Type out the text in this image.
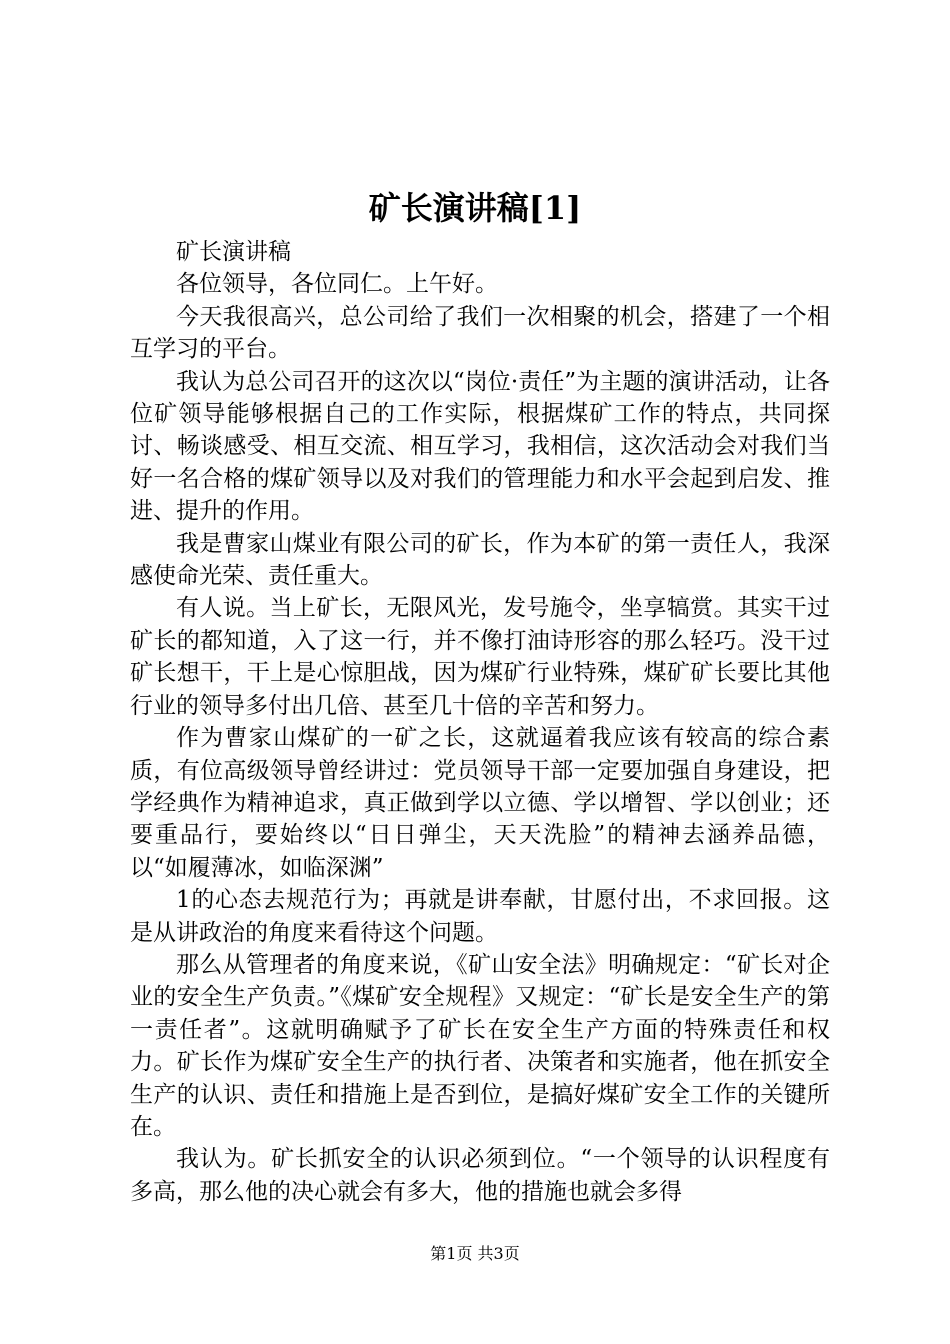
矿长演讲稿[1]

矿长演讲稿

各位领导，各位同仁。上午好。

今天我很高兴，总公司给了我们一次相聚的机会，搭建了一个相互学习的平台。

我认为总公司召开的这次以“岗位·责任”为主题的演讲活动，让各位矿领导能够根据自己的工作实际，根据煤矿工作的特点，共同探讨、畅谈感受、相互交流、相互学习，我相信，这次活动会对我们当好一名合格的煤矿领导以及对我们的管理能力和水平会起到启发、推进、提升的作用。

我是曹家山煤业有限公司的矿长，作为本矿的第一责任人，我深感使命光荣、责任重大。

有人说。当上矿长，无限风光，发号施令，坐享犒赏。其实干过矿长的都知道，入了这一行，并不像打油诗形容的那么轻巧。没干过矿长想干，干上是心惊胆战，因为煤矿行业特殊，煤矿矿长要比其他行业的领导多付出几倍、甚至几十倍的辛苦和努力。

作为曹家山煤矿的一矿之长，这就逼着我应该有较高的综合素质，有位高级领导曾经讲过：党员领导干部一定要加强自身建设，把学经典作为精神追求，真正做到学以立德、学以增智、学以创业；还要重品行，要始终以“日日弹尘，天天洗脸”的精神去涵养品德，以“如履薄冰，如临深渊”

1的心态去规范行为；再就是讲奉献，甘愿付出，不求回报。这是从讲政治的角度来看待这个问题。

那么从管理者的角度来说，《矿山安全法》明确规定：“矿长对企业的安全生产负责。”《煤矿安全规程》又规定：“矿长是安全生产的第一责任者”。这就明确赋予了矿长在安全生产方面的特殊责任和权力。矿长作为煤矿安全生产的执行者、决策者和实施者，他在抓安全生产的认识、责任和措施上是否到位，是搞好煤矿安全工作的关键所在。

我认为。矿长抓安全的认识必须到位。“一个领导的认识程度有多高，那么他的决心就会有多大，他的措施也就会多得

第1页 共3页
